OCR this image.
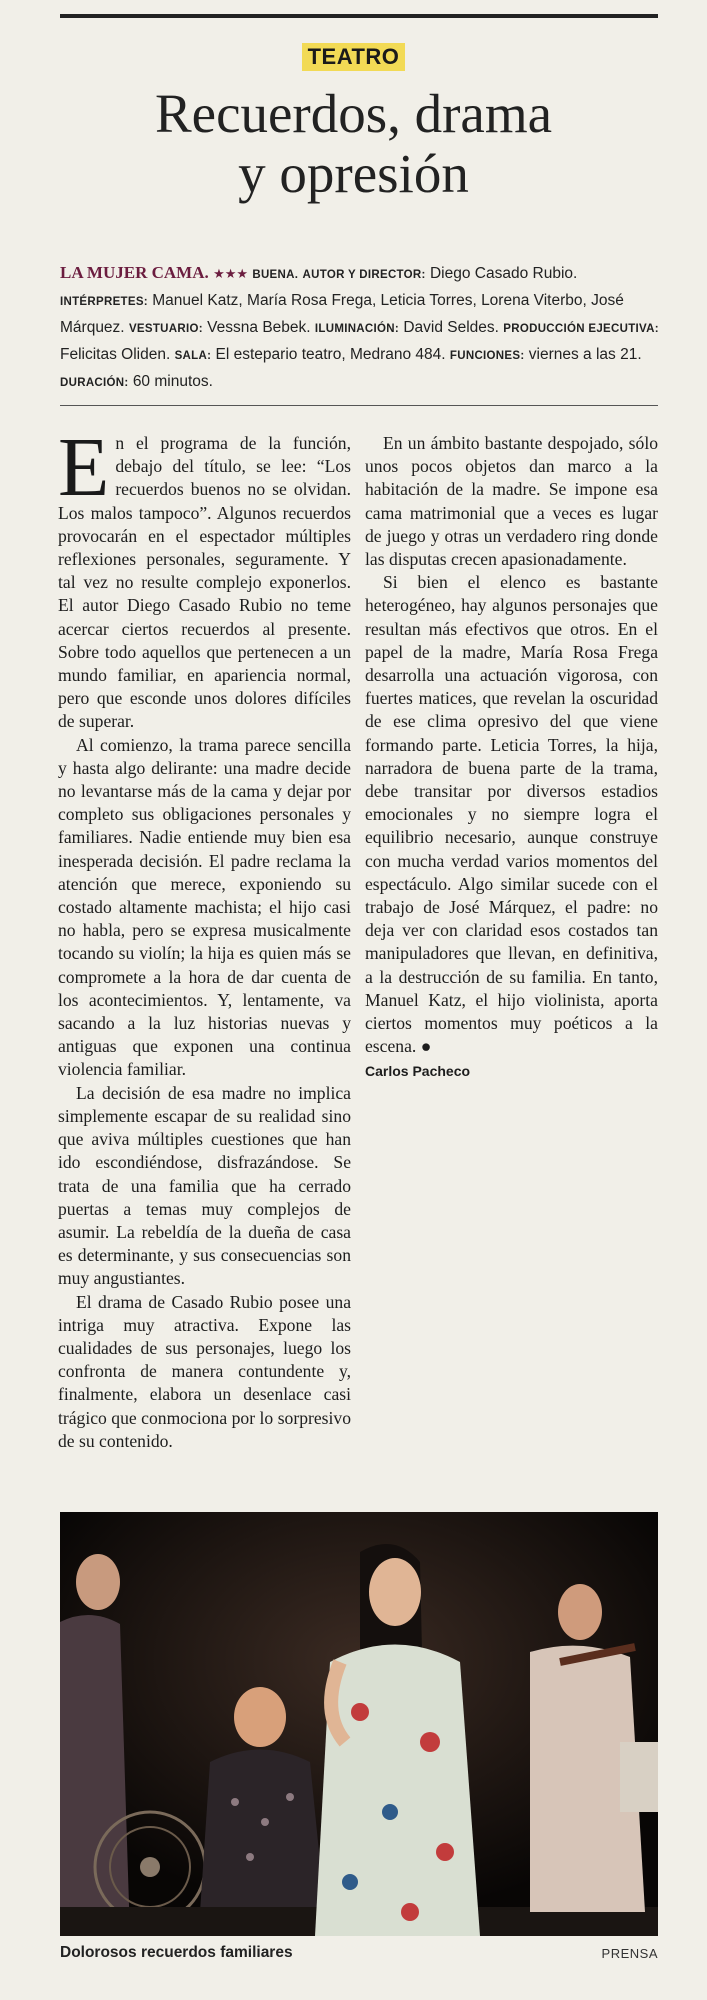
TEATRO
Recuerdos, drama
y opresión
LA MUJER CAMA. ★★★ BUENA. AUTOR Y DIRECTOR: Diego Casado Rubio. INTÉRPRETES: Manuel Katz, María Rosa Frega, Leticia Torres, Lorena Viterbo, José Márquez. VESTUARIO: Vessna Bebek. ILUMINACIÓN: David Seldes. PRODUCCIÓN EJECUTIVA: Felicitas Oliden. SALA: El estepario teatro, Medrano 484. FUNCIONES: viernes a las 21. DURACIÓN: 60 minutos.

En el programa de la función, debajo del título, se lee: “Los recuerdos buenos no se olvidan. Los malos tampoco”. Algunos recuerdos provocarán en el espectador múltiples reflexiones personales, seguramente. Y tal vez no resulte complejo exponerlos. El autor Diego Casado Rubio no teme acercar ciertos recuerdos al presente. Sobre todo aquellos que pertenecen a un mundo familiar, en apariencia normal, pero que esconde unos dolores difíciles de superar.

Al comienzo, la trama parece sencilla y hasta algo delirante: una madre decide no levantarse más de la cama y dejar por completo sus obligaciones personales y familiares. Nadie entiende muy bien esa inesperada decisión. El padre reclama la atención que merece, exponiendo su costado altamente machista; el hijo casi no habla, pero se expresa musicalmente tocando su violín; la hija es quien más se compromete a la hora de dar cuenta de los acontecimientos. Y, lentamente, va sacando a la luz historias nuevas y antiguas que exponen una continua violencia familiar.

La decisión de esa madre no implica simplemente escapar de su realidad sino que aviva múltiples cuestiones que han ido escondiéndose, disfrazándose. Se trata de una familia que ha cerrado puertas a temas muy complejos de asumir. La rebeldía de la dueña de casa es determinante, y sus consecuencias son muy angustiantes.

El drama de Casado Rubio posee una intriga muy atractiva. Expone las cualidades de sus personajes, luego los confronta de manera contundente y, finalmente, elabora un desenlace casi trágico que conmociona por lo sorpresivo de su contenido.

En un ámbito bastante despojado, sólo unos pocos objetos dan marco a la habitación de la madre. Se impone esa cama matrimonial que a veces es lugar de juego y otras un verdadero ring donde las disputas crecen apasionadamente.

Si bien el elenco es bastante heterogéneo, hay algunos personajes que resultan más efectivos que otros. En el papel de la madre, María Rosa Frega desarrolla una actuación vigorosa, con fuertes matices, que revelan la oscuridad de ese clima opresivo del que viene formando parte. Leticia Torres, la hija, narradora de buena parte de la trama, debe transitar por diversos estadios emocionales y no siempre logra el equilibrio necesario, aunque construye con mucha verdad varios momentos del espectáculo. Algo similar sucede con el trabajo de José Márquez, el padre: no deja ver con claridad esos costados tan manipuladores que llevan, en definitiva, a la destrucción de su familia. En tanto, Manuel Katz, el hijo violinista, aporta ciertos momentos muy poéticos a la escena. ●

Carlos Pacheco

Dolorosos recuerdos familiares	PRENSA
